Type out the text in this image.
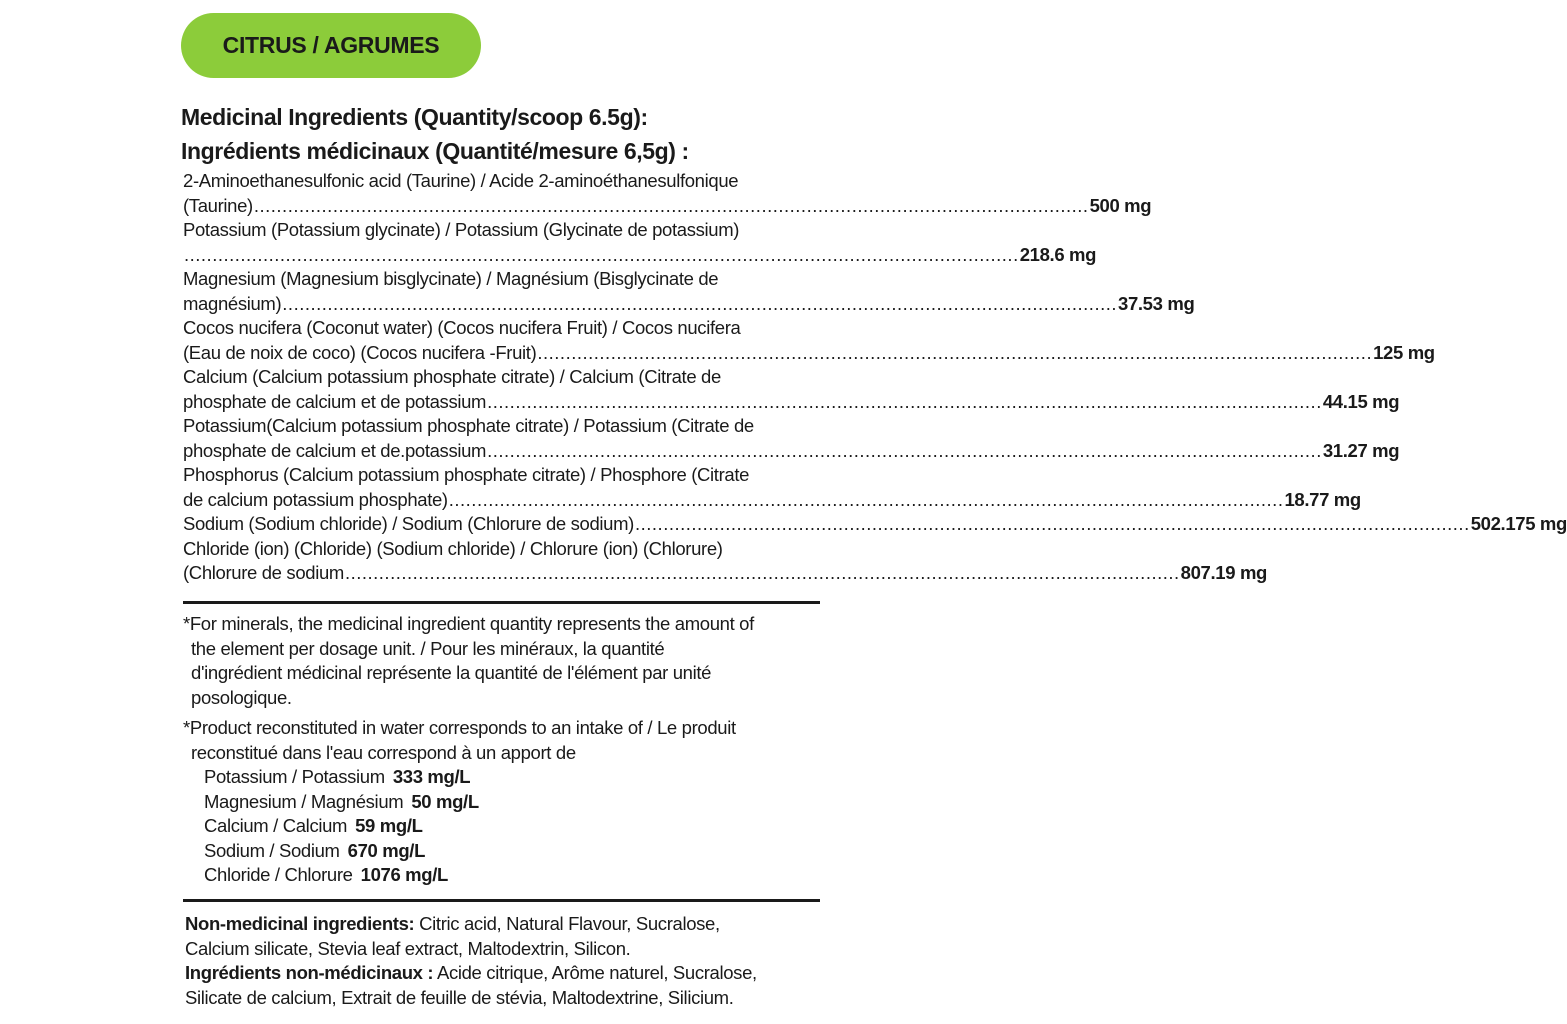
CITRUS / AGRUMES
Medicinal Ingredients (Quantity/scoop 6.5g):
Ingrédients médicinaux (Quantité/mesure 6,5g) :
2-Aminoethanesulfonic acid (Taurine) / Acide 2-aminoéthanesulfonique
(Taurine) .................................................................................................................................................... 500 mg
Potassium (Potassium glycinate) / Potassium (Glycinate de potassium)
.................................................................................................................................................... 218.6 mg
Magnesium (Magnesium bisglycinate) / Magnésium (Bisglycinate de
magnésium) .................................................................................................................................................... 37.53 mg
Cocos nucifera (Coconut water) (Cocos nucifera Fruit) / Cocos nucifera
(Eau de noix de coco) (Cocos nucifera -Fruit) .................................................................................................................................................... 125 mg
Calcium (Calcium potassium phosphate citrate) / Calcium (Citrate de
phosphate de calcium et de potassium .................................................................................................................................................... 44.15 mg
Potassium(Calcium potassium phosphate citrate) / Potassium (Citrate de
phosphate de calcium et de.potassium .................................................................................................................................................... 31.27 mg
Phosphorus (Calcium potassium phosphate citrate) / Phosphore (Citrate
de calcium potassium phosphate) .................................................................................................................................................... 18.77 mg
Sodium (Sodium chloride) / Sodium (Chlorure de sodium) .................................................................................................................................................... 502.175 mg
Chloride (ion) (Chloride) (Sodium chloride) / Chlorure (ion) (Chlorure)
(Chlorure de sodium .................................................................................................................................................... 807.19 mg
*For minerals, the medicinal ingredient quantity represents the amount of
the element per dosage unit. / Pour les minéraux, la quantité
d'ingrédient médicinal représente la quantité de l'élément par unité
posologique.
*Product reconstituted in water corresponds to an intake of / Le produit
reconstitué dans l'eau correspond à un apport de
Potassium / Potassium 333 mg/L
Magnesium / Magnésium 50 mg/L
Calcium / Calcium 59 mg/L
Sodium / Sodium 670 mg/L
Chloride / Chlorure 1076 mg/L

Non-medicinal ingredients: Citric acid, Natural Flavour, Sucralose,

Calcium silicate, Stevia leaf extract, Maltodextrin, Silicon.

Ingrédients non-médicinaux : Acide citrique, Arôme naturel, Sucralose,

Silicate de calcium, Extrait de feuille de stévia, Maltodextrine, Silicium.
